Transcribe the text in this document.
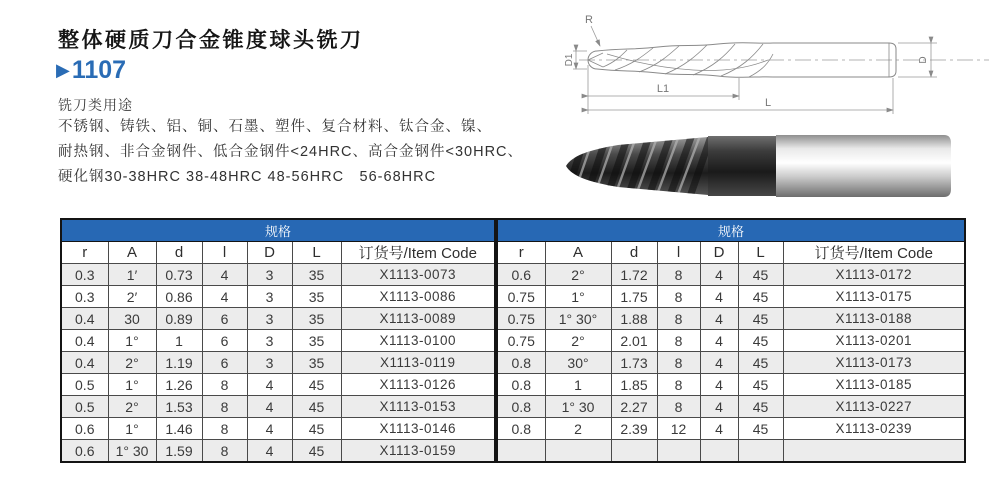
整体硬质刀合金锥度球头铣刀
▶1107
铣刀类用途
不锈钢、铸铁、铝、铜、石墨、塑件、复合材料、钛合金、镍、
耐热钢、非合金钢件、低合金钢件<24HRC、高合金钢件<30HRC、
硬化钢30-38HRC 38-48HRC 48-56HRC　56-68HRC
R
D1
L1
L
D
规格						
r	A	d	l	D	L	订货号/Item Code
0.3	1′	0.73	4	3	35	X1113-0073
0.3	2′	0.86	4	3	35	X1113-0086
0.4	30	0.89	6	3	35	X1113-0089
0.4	1°	1	6	3	35	X1113-0100
0.4	2°	1.19	6	3	35	X1113-0119
0.5	1°	1.26	8	4	45	X1113-0126
0.5	2°	1.53	8	4	45	X1113-0153
0.6	1°	1.46	8	4	45	X1113-0146
0.6	1° 30	1.59	8	4	45	X1113-0159
规格						
r	A	d	l	D	L	订货号/Item Code
0.6	2°	1.72	8	4	45	X1113-0172
0.75	1°	1.75	8	4	45	X1113-0175
0.75	1° 30°	1.88	8	4	45	X1113-0188
0.75	2°	2.01	8	4	45	X1113-0201
0.8	30°	1.73	8	4	45	X1113-0173
0.8	1	1.85	8	4	45	X1113-0185
0.8	1° 30	2.27	8	4	45	X1113-0227
0.8	2	2.39	12	4	45	X1113-0239
